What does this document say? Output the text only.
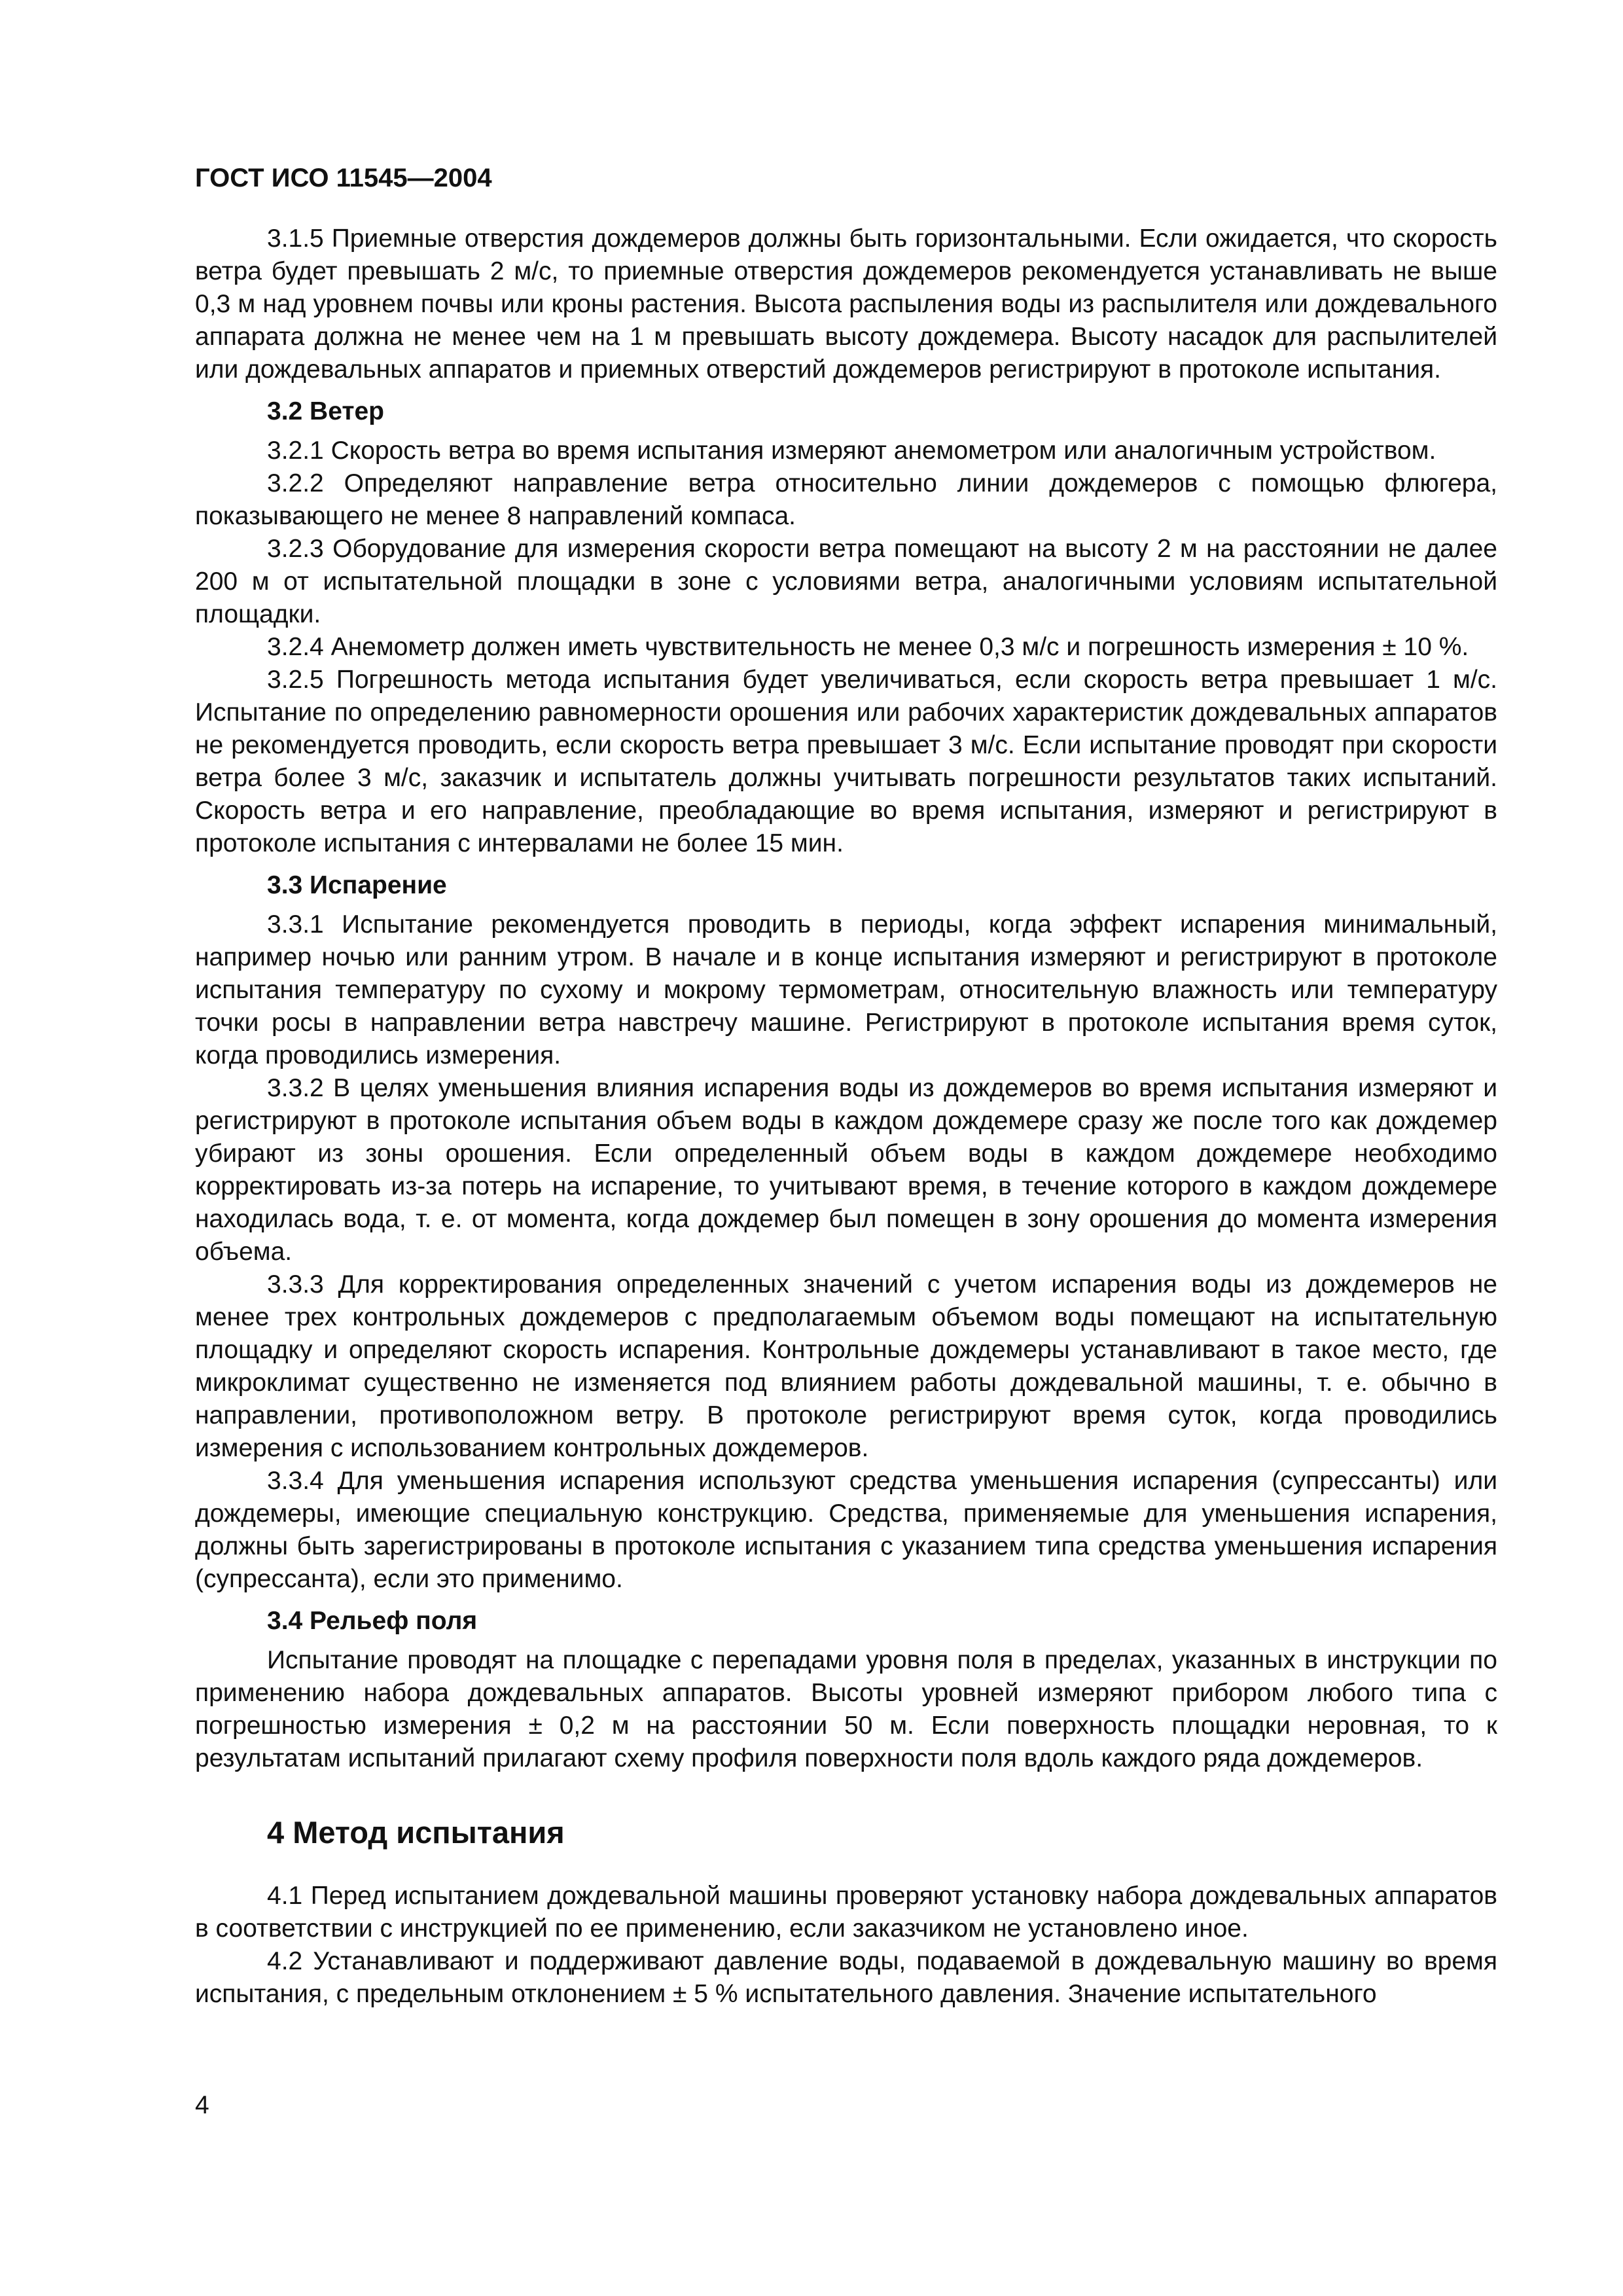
ГОСТ ИСО 11545—2004

3.1.5 Приемные отверстия дождемеров должны быть горизонтальными. Если ожидается, что скорость ветра будет превышать 2 м/с, то приемные отверстия дождемеров рекомендуется устанавливать не выше 0,3 м над уровнем почвы или кроны растения. Высота распыления воды из распылителя или дождевального аппарата должна не менее чем на 1 м превышать высоту дождемера. Высоту насадок для распылителей или дождевальных аппаратов и приемных отверстий дождемеров регистрируют в протоколе испытания.

3.2 Ветер

3.2.1 Скорость ветра во время испытания измеряют анемометром или аналогичным устройством.

3.2.2 Определяют направление ветра относительно линии дождемеров с помощью флюгера, показывающего не менее 8 направлений компаса.

3.2.3 Оборудование для измерения скорости ветра помещают на высоту 2 м на расстоянии не далее 200 м от испытательной площадки в зоне с условиями ветра, аналогичными условиям испытательной площадки.

3.2.4 Анемометр должен иметь чувствительность не менее 0,3 м/с и погрешность измерения ± 10 %.

3.2.5 Погрешность метода испытания будет увеличиваться, если скорость ветра превышает 1 м/с. Испытание по определению равномерности орошения или рабочих характеристик дождевальных аппаратов не рекомендуется проводить, если скорость ветра превышает 3 м/с. Если испытание проводят при скорости ветра более 3 м/с, заказчик и испытатель должны учитывать погрешности результатов таких испытаний. Скорость ветра и его направление, преобладающие во время испытания, измеряют и регистрируют в протоколе испытания с интервалами не более 15 мин.

3.3 Испарение

3.3.1 Испытание рекомендуется проводить в периоды, когда эффект испарения минимальный, например ночью или ранним утром. В начале и в конце испытания измеряют и регистрируют в протоколе испытания температуру по сухому и мокрому термометрам, относительную влажность или температуру точки росы в направлении ветра навстречу машине. Регистрируют в протоколе испытания время суток, когда проводились измерения.

3.3.2 В целях уменьшения влияния испарения воды из дождемеров во время испытания измеряют и регистрируют в протоколе испытания объем воды в каждом дождемере сразу же после того как дождемер убирают из зоны орошения. Если определенный объем воды в каждом дождемере необходимо корректировать из-за потерь на испарение, то учитывают время, в течение которого в каждом дождемере находилась вода, т. е. от момента, когда дождемер был помещен в зону орошения до момента измерения объема.

3.3.3 Для корректирования определенных значений с учетом испарения воды из дождемеров не менее трех контрольных дождемеров с предполагаемым объемом воды помещают на испытательную площадку и определяют скорость испарения. Контрольные дождемеры устанавливают в такое место, где микроклимат существенно не изменяется под влиянием работы дождевальной машины, т. е. обычно в направлении, противоположном ветру. В протоколе регистрируют время суток, когда проводились измерения с использованием контрольных дождемеров.

3.3.4 Для уменьшения испарения используют средства уменьшения испарения (супрессанты) или дождемеры, имеющие специальную конструкцию. Средства, применяемые для уменьшения испарения, должны быть зарегистрированы в протоколе испытания с указанием типа средства уменьшения испарения (супрессанта), если это применимо.

3.4 Рельеф поля

Испытание проводят на площадке с перепадами уровня поля в пределах, указанных в инструкции по применению набора дождевальных аппаратов. Высоты уровней измеряют прибором любого типа с погрешностью измерения ± 0,2 м на расстоянии 50 м. Если поверхность площадки неровная, то к результатам испытаний прилагают схему профиля поверхности поля вдоль каждого ряда дождемеров.

4 Метод испытания

4.1 Перед испытанием дождевальной машины проверяют установку набора дождевальных аппаратов в соответствии с инструкцией по ее применению, если заказчиком не установлено иное.

4.2 Устанавливают и поддерживают давление воды, подаваемой в дождевальную машину во время испытания, с предельным отклонением ± 5 % испытательного давления. Значение испытательного

4
